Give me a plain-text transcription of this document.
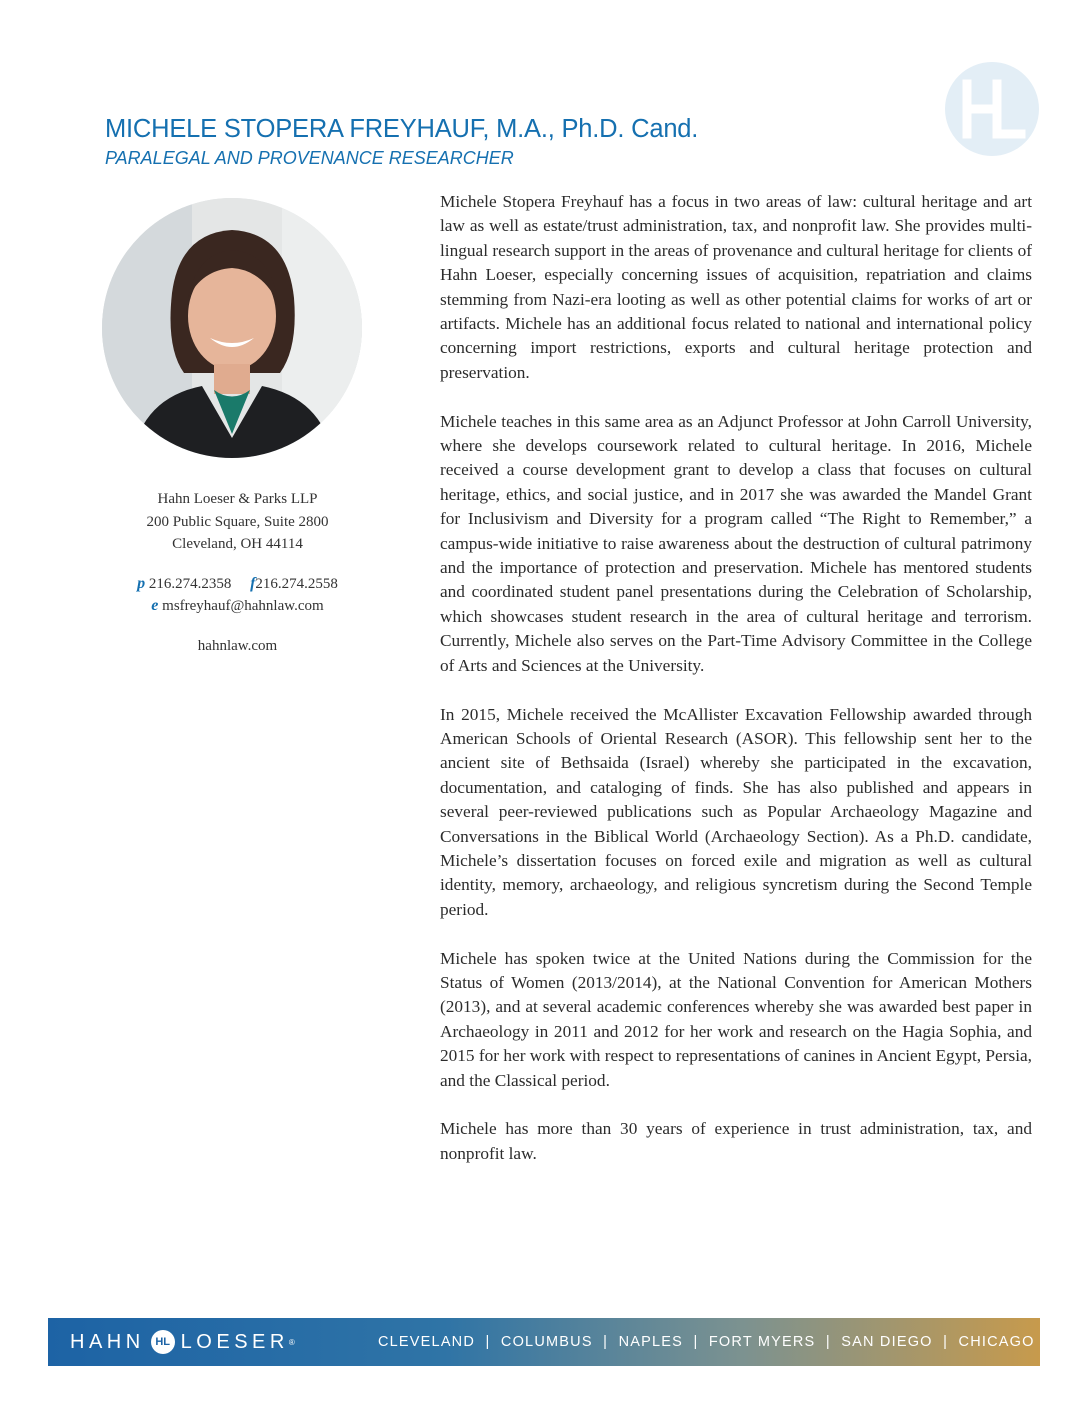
MICHELE STOPERA FREYHAUF, M.A., Ph.D. Cand.
PARALEGAL AND PROVENANCE RESEARCHER
Hahn Loeser & Parks LLP
200 Public Square, Suite 2800
Cleveland, OH 44114
p 216.274.2358 f216.274.2558
e msfreyhauf@hahnlaw.com
hahnlaw.com

Michele Stopera Freyhauf has a focus in two areas of law: cultural heritage and art law as well as estate/trust administration, tax, and nonprofit law. She provides multi-lingual research support in the areas of provenance and cultural heritage for clients of Hahn Loeser, especially concerning issues of acquisition, repatriation and claims stemming from Nazi-era looting as well as other potential claims for works of art or artifacts. Michele has an additional focus related to national and international policy concerning import restrictions, exports and cultural heritage protection and preservation.

Michele teaches in this same area as an Adjunct Professor at John Carroll University, where she develops coursework related to cultural heritage. In 2016, Michele received a course development grant to develop a class that focuses on cultural heritage, ethics, and social justice, and in 2017 she was awarded the Mandel Grant for Inclusivism and Diversity for a program called “The Right to Remember,” a campus-wide initiative to raise awareness about the destruction of cultural patrimony and the importance of protection and preservation. Michele has mentored students and coordinated student panel presentations during the Celebration of Scholarship, which showcases student research in the area of cultural heritage and terrorism. Currently, Michele also serves on the Part-Time Advisory Committee in the College of Arts and Sciences at the University.

In 2015, Michele received the McAllister Excavation Fellowship awarded through American Schools of Oriental Research (ASOR). This fellowship sent her to the ancient site of Bethsaida (Israel) whereby she participated in the excavation, documentation, and cataloging of finds. She has also published and appears in several peer-reviewed publications such as Popular Archaeology Magazine and Conversations in the Biblical World (Archaeology Section). As a Ph.D. candidate, Michele’s dissertation focuses on forced exile and migration as well as cultural identity, memory, archaeology, and religious syncretism during the Second Temple period.

Michele has spoken twice at the United Nations during the Commission for the Status of Women (2013/2014), at the National Convention for American Mothers (2013), and at several academic conferences whereby she was awarded best paper in Archaeology in 2011 and 2012 for her work and research on the Hagia Sophia, and 2015 for her work with respect to representations of canines in Ancient Egypt, Persia, and the Classical period.

Michele has more than 30 years of experience in trust administration, tax, and nonprofit law.

HAHN HL LOESER ®	CLEVELAND  |  COLUMBUS  |  NAPLES  |  FORT MYERS  |  SAN DIEGO  |  CHICAGO
